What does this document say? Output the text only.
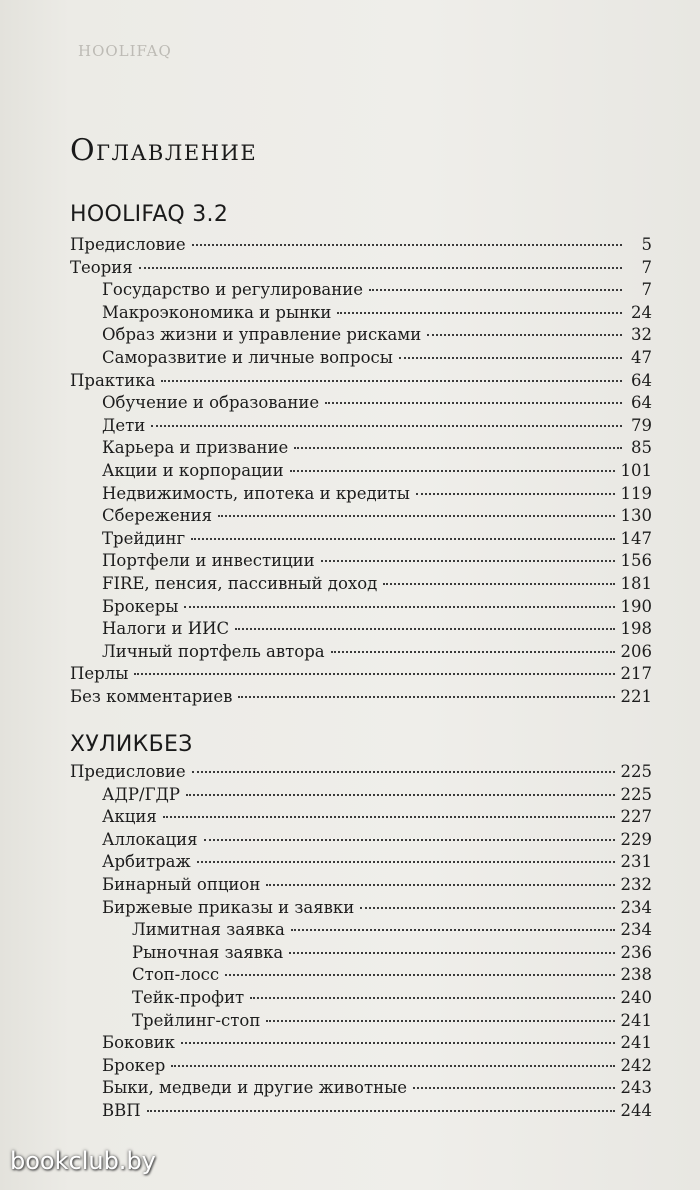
HOOLIFAQ
Оглавление
HOOLIFAQ 3.2
Предисловие	5
Теория	7
Государство и регулирование	7
Макроэкономика и рынки	24
Образ жизни и управление рисками	32
Саморазвитие и личные вопросы	47
Практика	64
Обучение и образование	64
Дети	79
Карьера и призвание	85
Акции и корпорации	101
Недвижимость, ипотека и кредиты	119
Сбережения	130
Трейдинг	147
Портфели и инвестиции	156
FIRE, пенсия, пассивный доход	181
Брокеры	190
Налоги и ИИС	198
Личный портфель автора	206
Перлы	217
Без комментариев	221
ХУЛИКБЕЗ
Предисловие	225
АДР/ГДР	225
Акция	227
Аллокация	229
Арбитраж	231
Бинарный опцион	232
Биржевые приказы и заявки	234
Лимитная заявка	234
Рыночная заявка	236
Стоп-лосс	238
Тейк-профит	240
Трейлинг-стоп	241
Боковик	241
Брокер	242
Быки, медведи и другие животные	243
ВВП	244
bookclub.by
